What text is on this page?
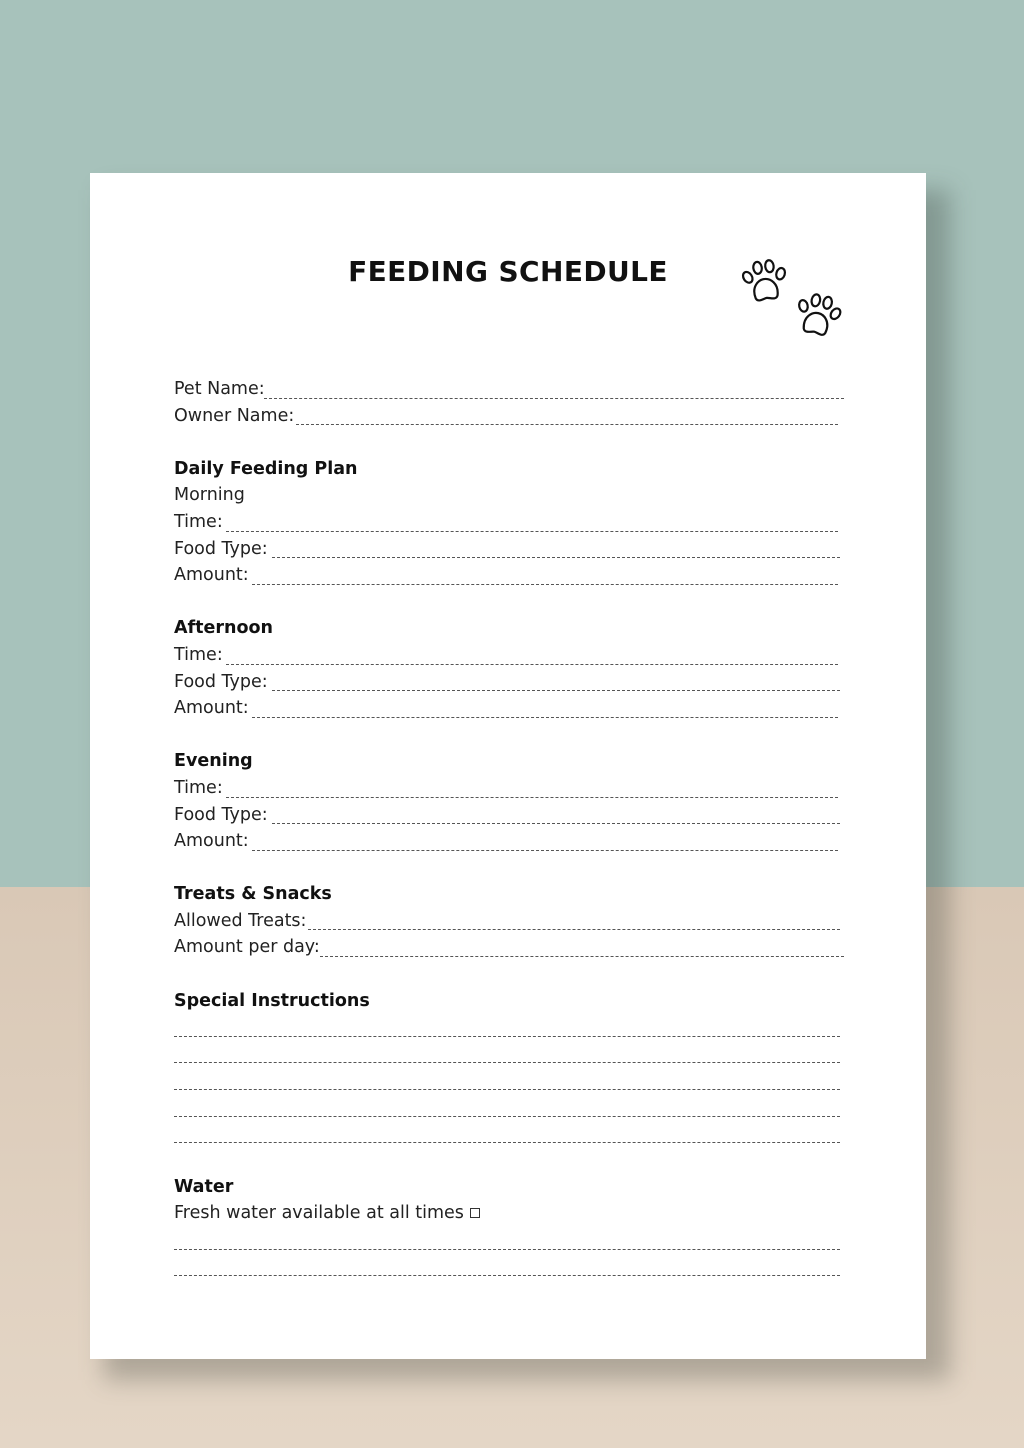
FEEDING SCHEDULE
Pet Name:
Owner Name:
Daily Feeding Plan
Morning
Time:
Food Type:
Amount:
Afternoon
Time:
Food Type:
Amount:
Evening
Time:
Food Type:
Amount:
Treats & Snacks
Allowed Treats:
Amount per day:
Special Instructions
Water
Fresh water available at all times
